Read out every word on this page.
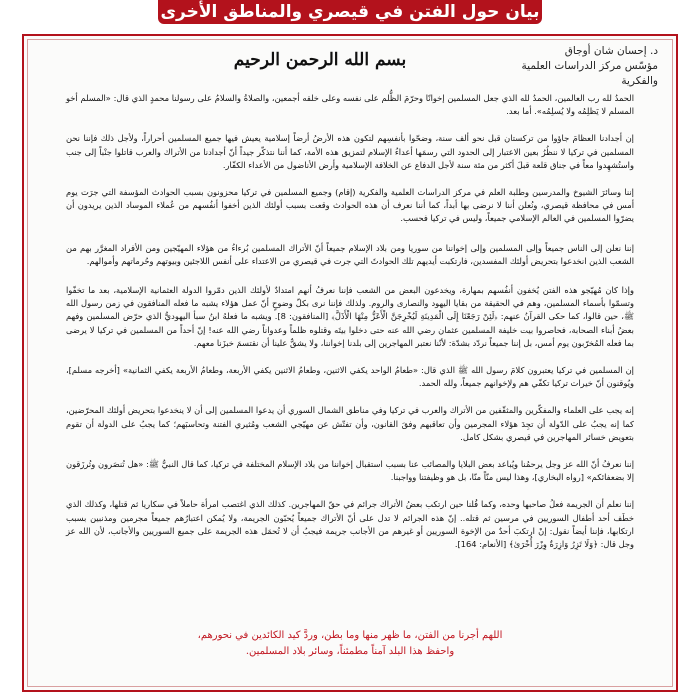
بيان حول الفتن في قيصري والمناطق الأخرى
د. إحسان شان أوجاق
مؤسّس مركز الدراسات العلمية والفكرية
بسم الله الرحمن الرحيم

الحمدُ لله رب العالمين، الحمدُ لله الذي جعل المسلمين إخوانًا وحرّمَ الظُّلم على نفسه وعلى خلقه أجمعين، والصلاةُ والسلامُ على رسولنا محمدٍ الذي قال: «المسلم أخو المسلم لا يَظلِمُه ولا يُسلِمُه». أما بعد.

إن أجدادنا العظامَ جاؤوا من تركستان قبل نحو ألف سنة، وضحّوا بأنفسِهم لتكون هذه الأرضُ أرضاً إسلامية يعيش فيها جميع المسلمين أحراراً، ولأجل ذلك فإننا نحن المسلمين في تركيا لا ننظُرُ بعين الاعتبار إلى الحدود التي رسمَها أعداءُ الإسلام لتمزيق هذه الأمة، كما أننا نتذكّر جيداً أنّ أجدادنا من الأتراك والعرب قاتلوا جنْباً إلى جنب واستُشهِدوا معاً في جناق قلعة قبلَ أكثر من مئة سنة لأجل الدفاع عن الخلافة الإسلامية وأرض الأناضول من الأعداء الكفّار.

إننا وسائرَ الشيوخ والمدرسين وطلبة العلم في مركز الدراسات العلمية والفكرية (إقام) وجميع المسلمين في تركيا محزونون بسبب الحوادث المؤسفة التي جرَت يوم أمس في محافظة قيصري، ونُعلن أننا لا نرضى بها أبداً، كما أننا نعرف أن هذه الحوادث وقعت بسبب أولئك الذين أخفوا أنفُسهم من عُملاء الموساد الذين يريدون أن يضرّوا المسلمين في العالم الإسلامي جميعاً، وليس في تركيا فحسب.

إننا نعلن إلى الناس جميعاً وإلى المسلمين وإلى إخواننا من سوريا ومن بلاد الإسلام جميعاً أنّ الأتراك المسلمين بُرءاءُ من هؤلاء المهيّجين ومن الأفراد المغرَّر بهم من الشعب الذين انخدعوا بتحريض أولئك المفسدين، فارتكبت أيديهم تلك الحوادثَ التي جرت في قيصري من الاعتداء على أنفس اللاجئين وبيوتهم وحُرماتهم وأموالهم.

وإذا كان مُهيّجو هذه الفتن يُخفون أنفُسهم بمهارة، ويخدعون البعض من الشعب فإننا نعرفُ أنهم امتدادٌ لأولئك الذين دمّروا الدولة العثمانية الإسلامية، بعد ما تخفّوا وتسمّوا بأسماء المسلمين، وهم في الحقيقة من بقايا اليهود والنصارى والروم. ولذلك فإننا نرى بكلّ وضوحٍ أنّ عمل هؤلاء يشبه ما فعله المنافقون في زمن رسول الله ﷺ، حين قالوا، كما حكى القرآنُ عنهم: ﴿لَئِنْ رَجَعْنَا إِلَى الْمَدِينَةِ لَيُخْرِجَنَّ الْأَعَزُّ مِنْهَا الْأَذَلَّ﴾ [المنافقون: 8]. ويشبه ما فعلهُ ابنُ سبأ اليهوديُّ الذي حرّض المسلمين وفهم بعضُ أبناء الصحابة، فحاصروا بيت خليفة المسلمين عثمان رضي الله عنه حتى دخلوا بيتَه وقتلوه ظلماً وعدواناً رضي الله عنه! إنّ أحداً من المسلمين في تركيا لا يرضى بما فعله المُخرّبون يوم أمس، بل إننا جميعاً نردّد بشدّة: لأنّنا نعتبر المهاجرين إلى بلدنا إخواننا، ولا يشقُّ علينا أن نقتسمَ خبزَنا معهم.

إن المسلمين في تركيا يعتبرون كلامَ رسول الله ﷺ الذي قال: «طعامُ الواحد يكفي الاثنين، وطعامُ الاثنين يكفي الأربعة، وطعامُ الأربعة يكفي الثمانية» [أخرجه مسلم]، ويُوقنون أنّ خيرات تركيا تكفّي هم ولإخوانهم جميعاً، ولله الحمد.

إنه يجب على العلماء والمفكّرين والمثقّفين من الأتراك والعرب في تركيا وفي مناطق الشمال السوري أن يدعوا المسلمين إلى أن لا ينخدعوا بتحريض أولئك المحرّضين، كما إنه يجبُ على الدّولة أن تجِدَ هؤلاء المجرمين وأن تعاقبهم وفقَ القانون، وأن تفتّش عن مهيّجي الشعب ومُثيري الفتنة وتحاسبَهم؛ كما يجبُ على الدولة أن تقوم بتعويض خسائر المهاجرين في قيصري بشكل كامل.

إننا نعرفُ أنّ الله عز وجل يرحمُنا ويُباعد بعض البلايا والمصائب عنا بسبب استقبال إخواننا من بلاد الإسلام المختلفة في تركيا، كما قال النبيُّ ﷺ: «هل تُنصَرون وتُرزَقون إلا بضعفائكم» [رواه البخاري]، وهذا ليس منّاً منّا، بل هو وظيفتنا وواجبنا.

إننا نعلم أن الجريمة فعلُ صاحبها وحده، وكما قُلنا حين ارتكب بعضُ الأتراك جرائم في حقّ المهاجرين. كذلك الذي اغتصب امرأة حاملاً في سكاريا ثم قتلها، وكذلك الذي خطَف أحد أطفال السوريين في مرسين ثم قتله.. إنّ هذه الجرائم لا تدل على أنّ الأتراك جميعاً يُحبّون الجريمة، ولا يُمكن اعتبارُهم جميعاً مجرمين ومذنبين بسبب ارتكابها، فإننا أيضاً نقول: إنْ ارتكبَ أحدٌ من الإخوة السوريين أو غيرهم من الأجانب جريمة فيجبُ أن لا تُحمَل هذه الجريمة على جميع السوريين والأجانب، لأن الله عز وجل قال: ﴿وَلَا تَزِرُ وَازِرَةٌ وِزْرَ أُخْرَىٰ﴾ [الأنعام: 164].

اللهم أجرنا من الفتن، ما ظهر منها وما بطن، وردَّ كيد الكائدين في نحورهم،
واحفظ هذا البلد آمناً مطمئناً، وسائر بلاد المسلمين.
